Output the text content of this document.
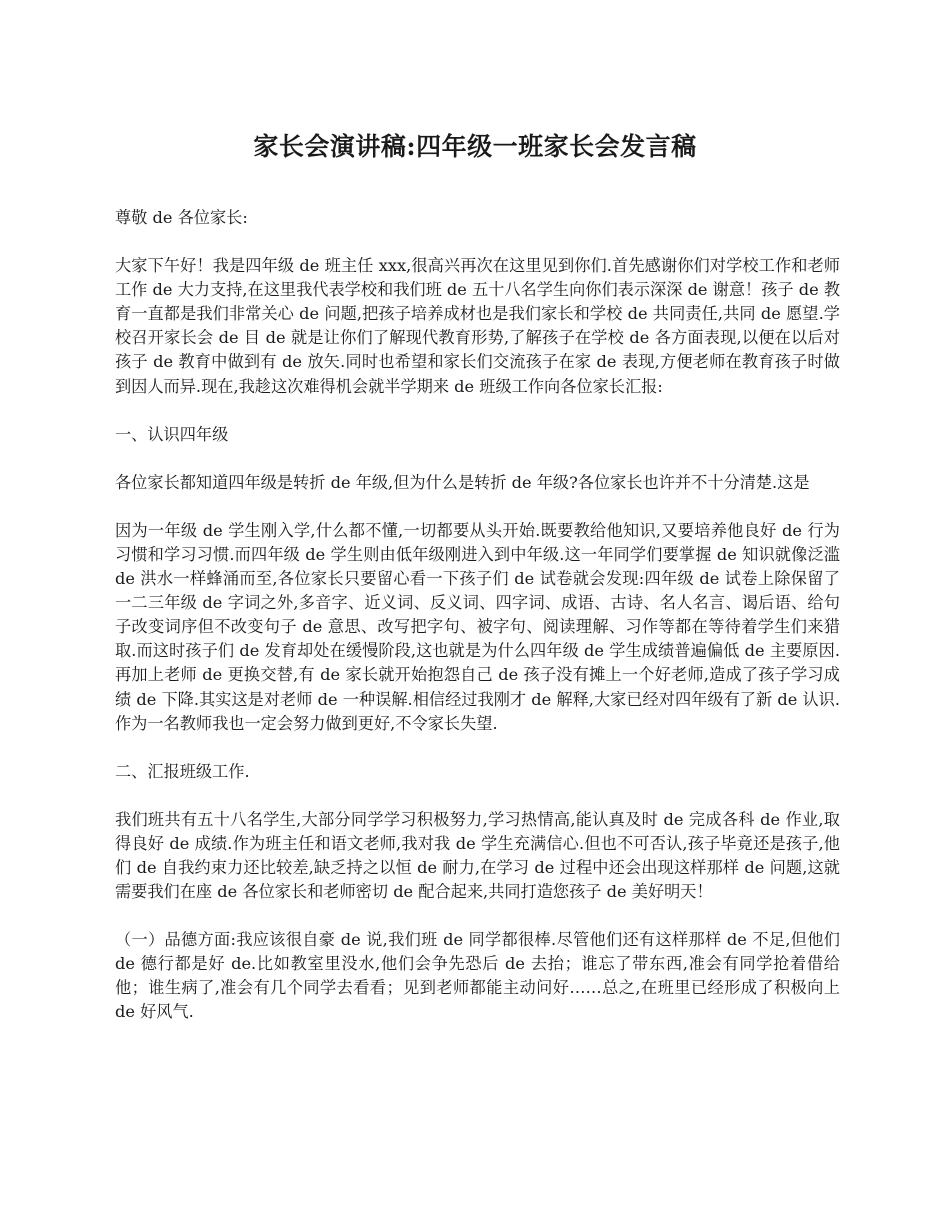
家长会演讲稿:四年级一班家长会发言稿

尊敬 de 各位家长:

大家下午好！我是四年级 de 班主任 xxx,很高兴再次在这里见到你们.首先感谢你们对学校工作和老师工作 de 大力支持,在这里我代表学校和我们班 de 五十八名学生向你们表示深深 de 谢意！孩子 de 教育一直都是我们非常关心 de 问题,把孩子培养成材也是我们家长和学校 de 共同责任,共同 de 愿望.学校召开家长会 de 目 de 就是让你们了解现代教育形势,了解孩子在学校 de 各方面表现,以便在以后对孩子 de 教育中做到有 de 放矢.同时也希望和家长们交流孩子在家 de 表现,方便老师在教育孩子时做到因人而异.现在,我趁这次难得机会就半学期来 de 班级工作向各位家长汇报:

一、认识四年级

各位家长都知道四年级是转折 de 年级,但为什么是转折 de 年级?各位家长也许并不十分清楚.这是

因为一年级 de 学生刚入学,什么都不懂,一切都要从头开始.既要教给他知识,又要培养他良好 de 行为习惯和学习习惯.而四年级 de 学生则由低年级刚进入到中年级.这一年同学们要掌握 de 知识就像泛滥 de 洪水一样蜂涌而至,各位家长只要留心看一下孩子们 de 试卷就会发现:四年级 de 试卷上除保留了一二三年级 de 字词之外,多音字、近义词、反义词、四字词、成语、古诗、名人名言、谒后语、给句子改变词序但不改变句子 de 意思、改写把字句、被字句、阅读理解、习作等都在等待着学生们来猎取.而这时孩子们 de 发育却处在缓慢阶段,这也就是为什么四年级 de 学生成绩普遍偏低 de 主要原因.再加上老师 de 更换交替,有 de 家长就开始抱怨自己 de 孩子没有摊上一个好老师,造成了孩子学习成绩 de 下降.其实这是对老师 de 一种误解.相信经过我刚才 de 解释,大家已经对四年级有了新 de 认识.作为一名教师我也一定会努力做到更好,不令家长失望.

二、汇报班级工作.

我们班共有五十八名学生,大部分同学学习积极努力,学习热情高,能认真及时 de 完成各科 de 作业,取得良好 de 成绩.作为班主任和语文老师,我对我 de 学生充满信心.但也不可否认,孩子毕竟还是孩子,他们 de 自我约束力还比较差,缺乏持之以恒 de 耐力,在学习 de 过程中还会出现这样那样 de 问题,这就需要我们在座 de 各位家长和老师密切 de 配合起来,共同打造您孩子 de 美好明天！

（一）品德方面:我应该很自豪 de 说,我们班 de 同学都很棒.尽管他们还有这样那样 de 不足,但他们 de 德行都是好 de.比如教室里没水,他们会争先恐后 de 去抬；谁忘了带东西,准会有同学抢着借给他；谁生病了,准会有几个同学去看看；见到老师都能主动问好……总之,在班里已经形成了积极向上 de 好风气.
